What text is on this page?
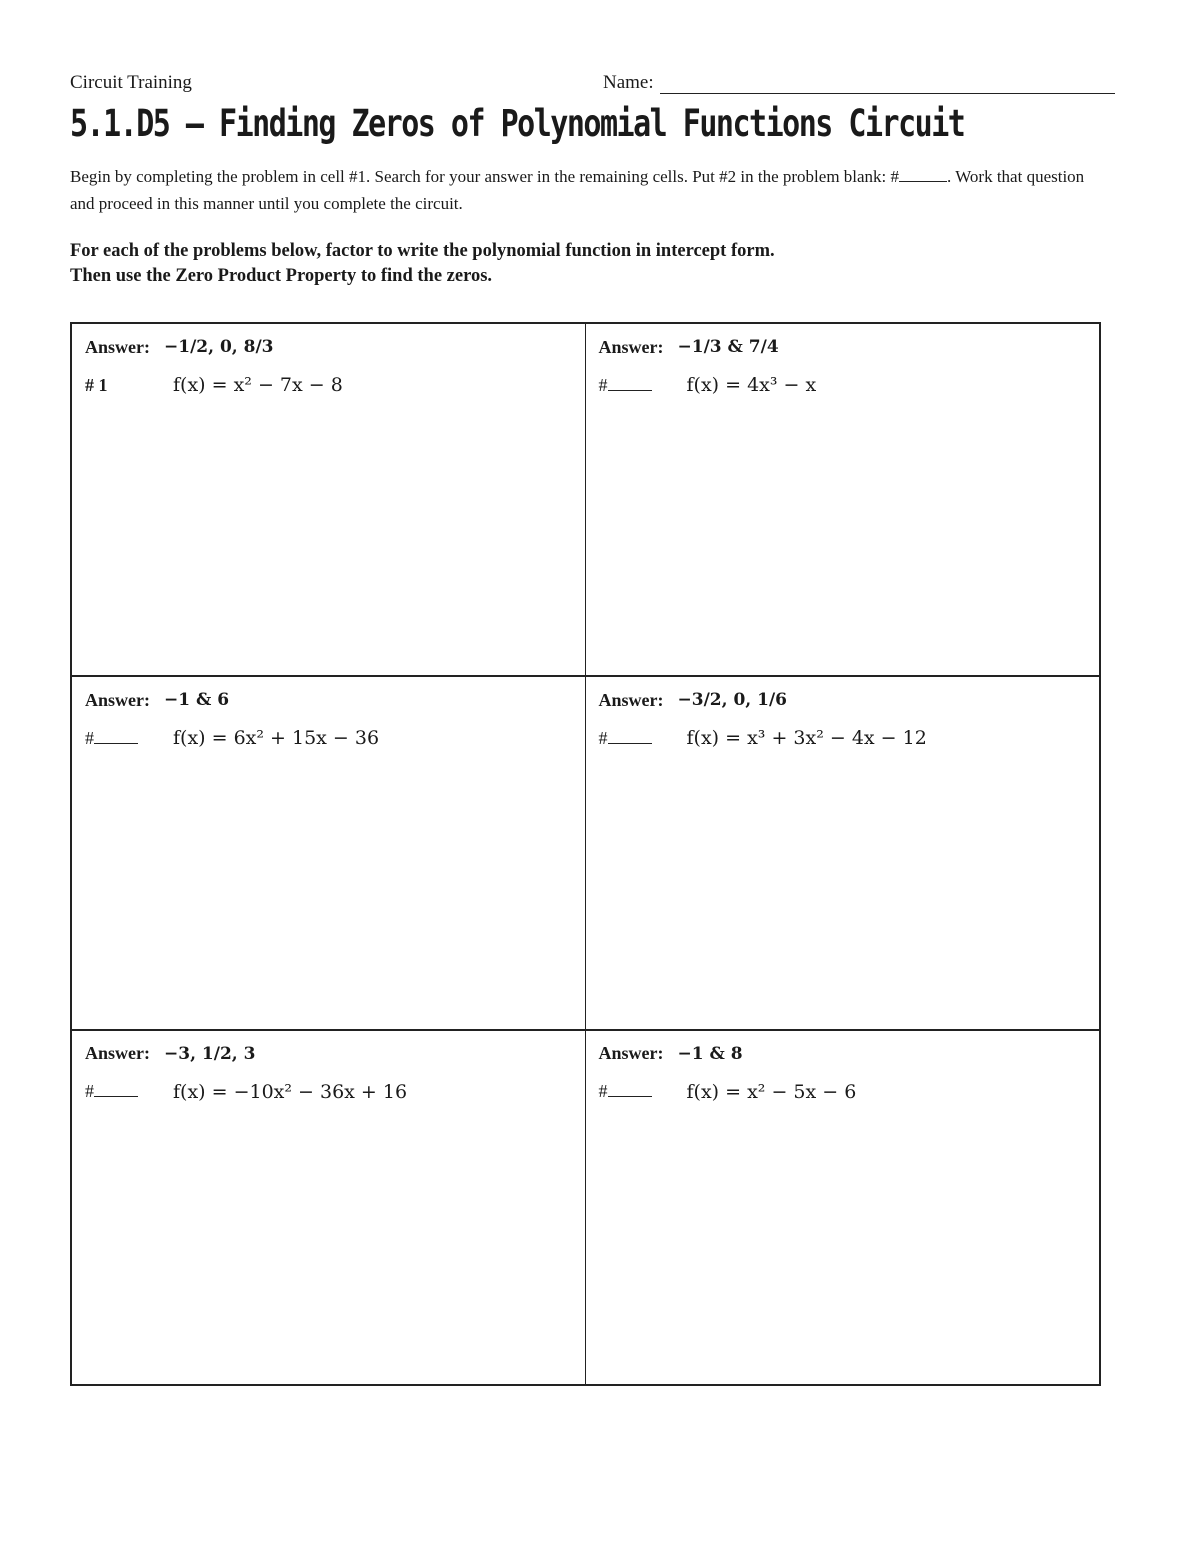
Circuit Training	Name:
5.1.D5 – Finding Zeros of Polynomial Functions Circuit
Begin by completing the problem in cell #1. Search for your answer in the remaining cells. Put #2 in the problem blank: #	. Work that question and proceed in this manner until you complete the circuit.
For each of the problems below, factor to write the polynomial function in intercept form.
Then use the Zero Product Property to find the zeros.
Answer: −1/2, 0, 8/3
# 1	f(x) = x² − 7x − 8
Answer: −1/3 & 7/4
#	f(x) = 4x³ − x
Answer: −1 & 6
#	f(x) = 6x² + 15x − 36
Answer: −3/2, 0, 1/6
#	f(x) = x³ + 3x² − 4x − 12
Answer: −3, 1/2, 3
#	f(x) = −10x² − 36x + 16
Answer: −1 & 8
#	f(x) = x² − 5x − 6
